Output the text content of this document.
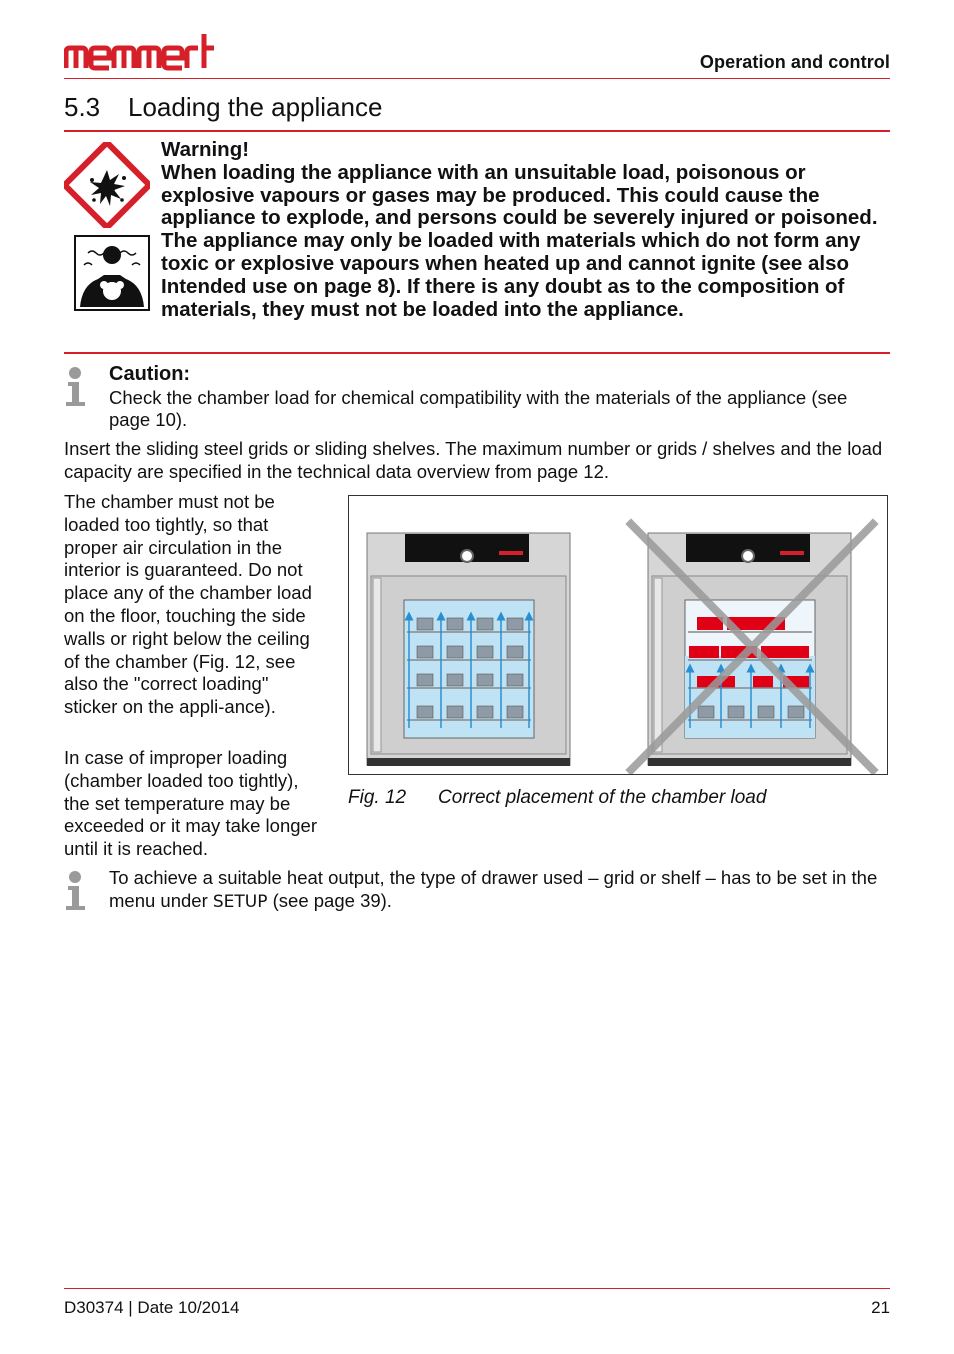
Operation and control
5.3 Loading the appliance
Warning!
When loading the appliance with an unsuitable load, poisonous or explosive vapours or gases may be produced. This could cause the appliance to explode, and persons could be severely injured or poisoned. The appliance may only be loaded with materials which do not form any toxic or explosive vapours when heated up and cannot ignite (see also Intended use on page 8). If there is any doubt as to the composition of materials, they must not be loaded into the appliance.
Caution:
Check the chamber load for chemical compatibility with the materials of the appliance (see page 10).
Insert the sliding steel grids or sliding shelves. The maximum number or grids / shelves and the load capacity are specified in the technical data overview from page 12.
The chamber must not be loaded too tightly, so that proper air circulation in the interior is guaranteed. Do not place any of the chamber load on the floor, touching the side walls or right below the ceiling of the chamber (Fig. 12, see also the "correct loading" sticker on the appli-ance).
In case of improper loading (chamber loaded too tightly), the set temperature may be exceeded or it may take longer until it is reached.
Fig. 12 Correct placement of the chamber load
To achieve a suitable heat output, the type of drawer used – grid or shelf – has to be set in the menu under SETUP (see page 39).
D30374 | Date 10/2014	21
